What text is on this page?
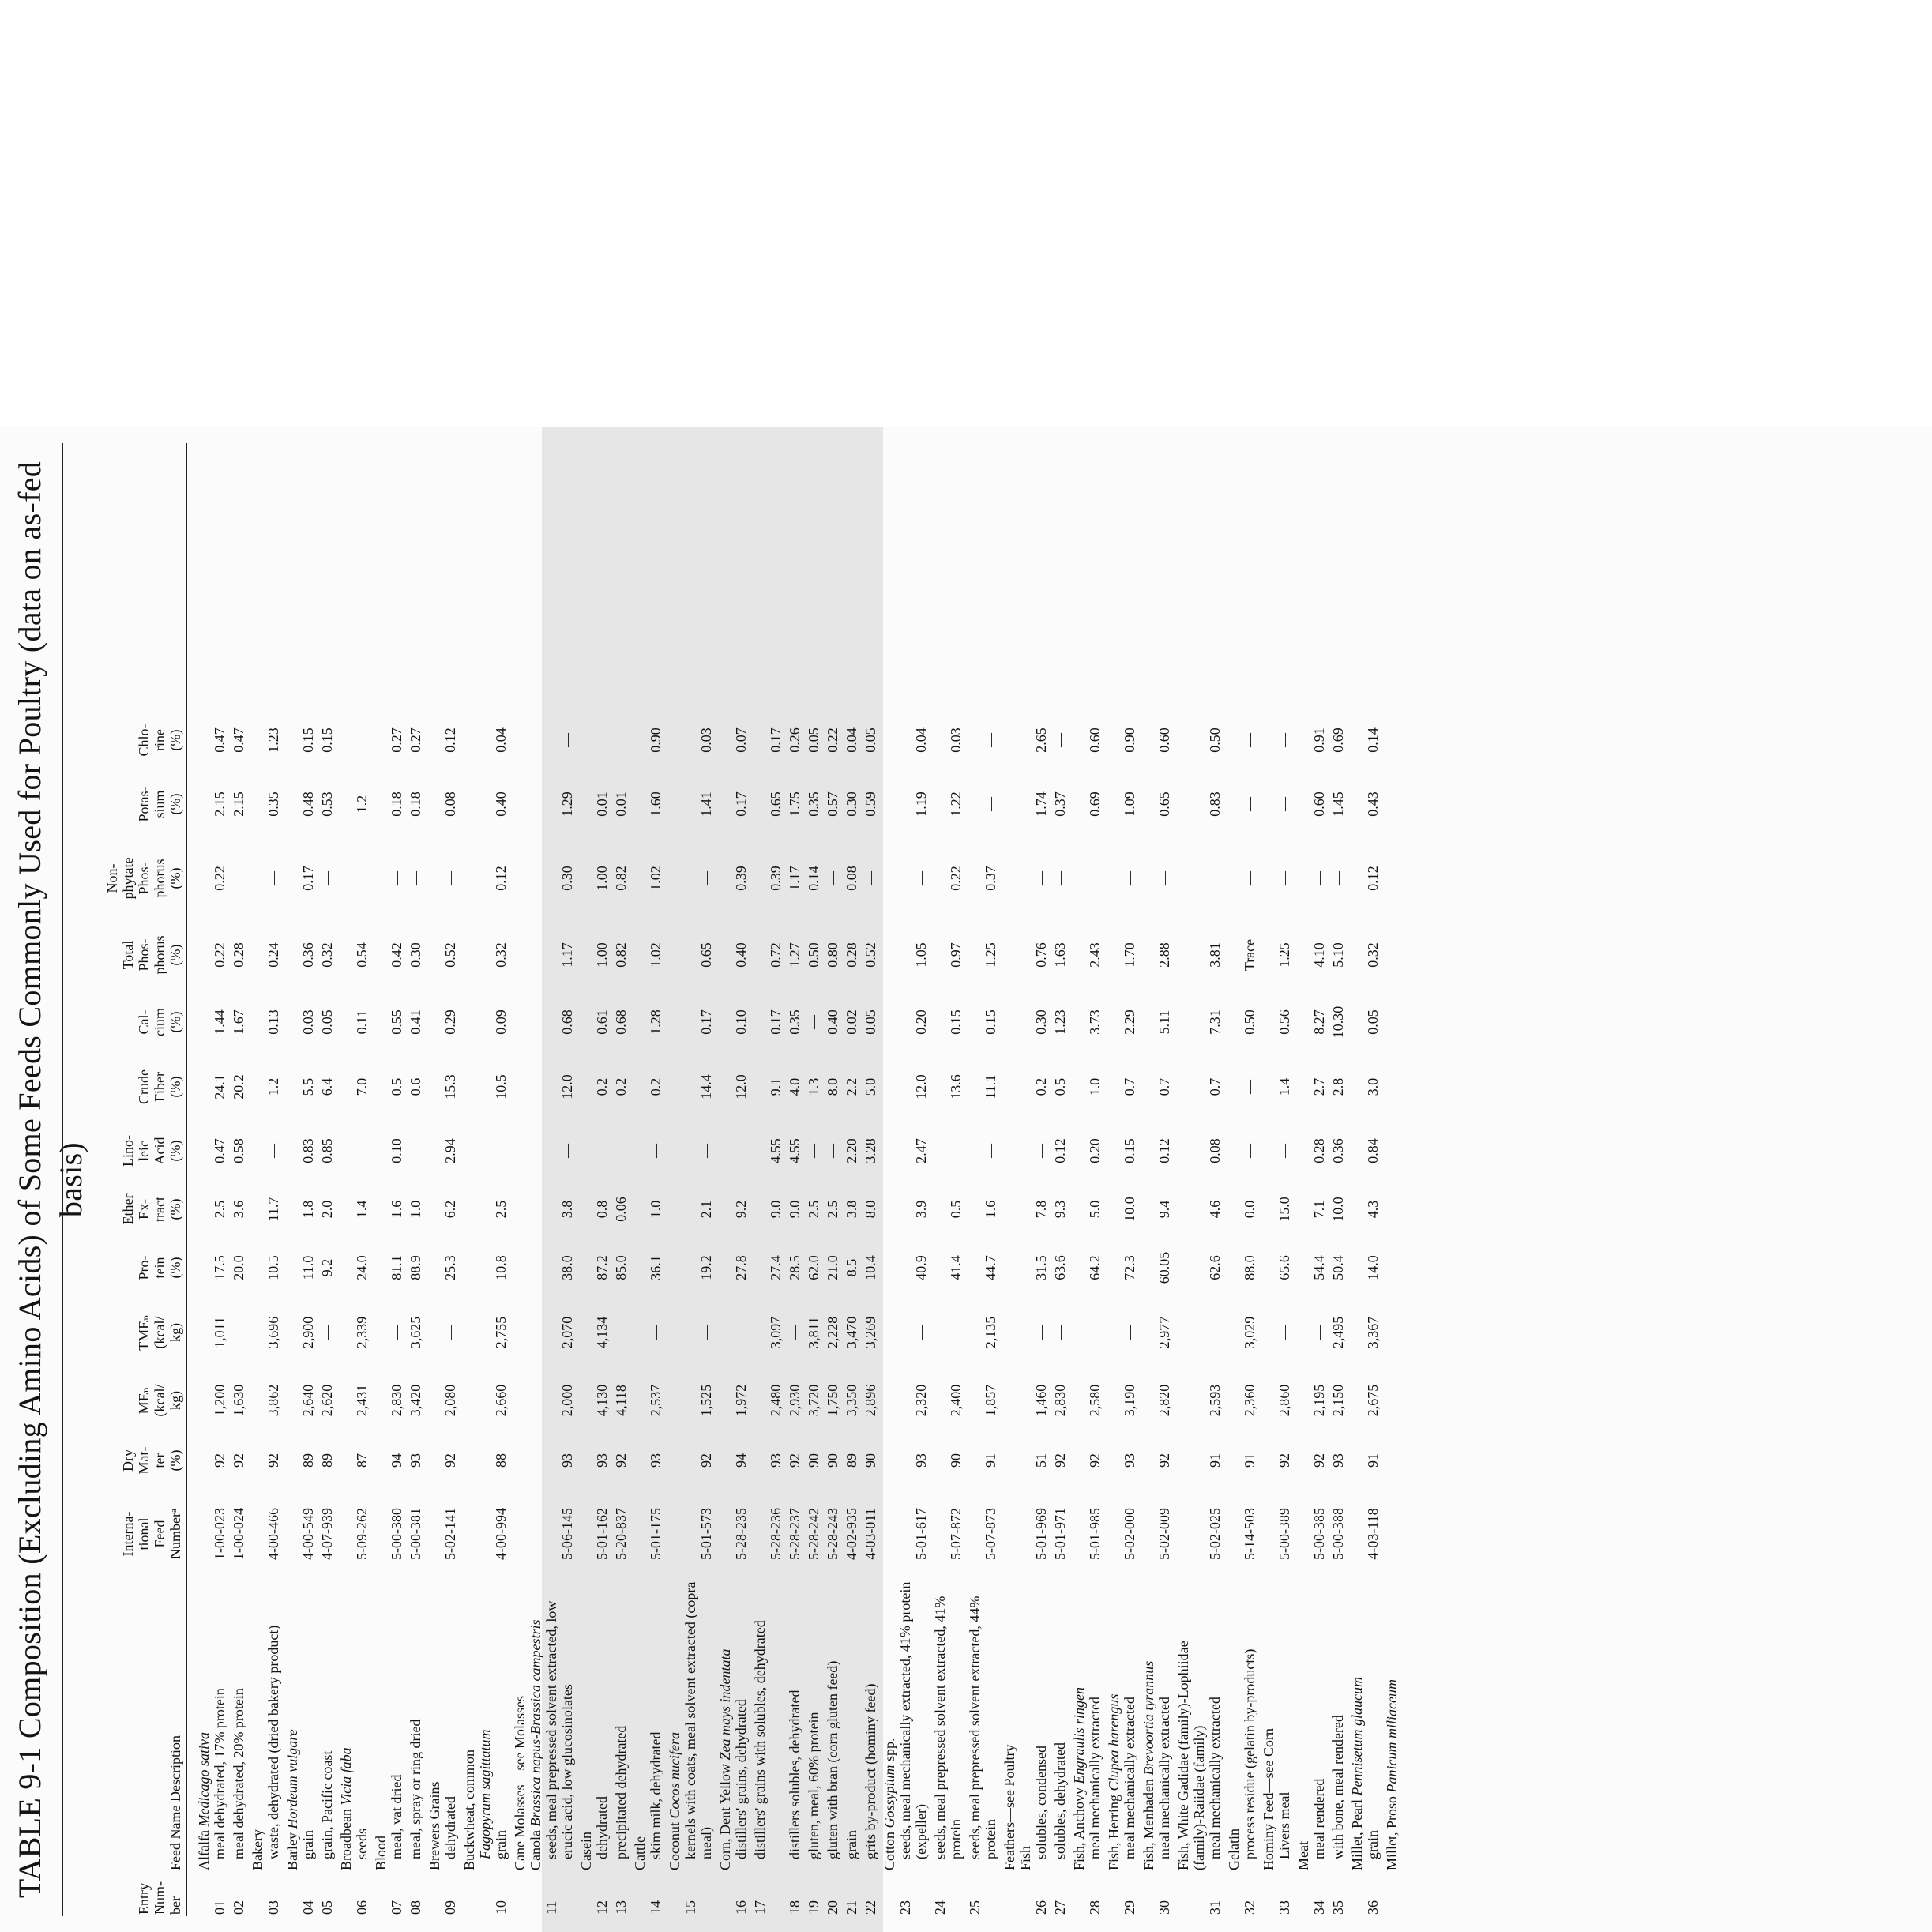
TABLE 9-1 Composition (Excluding Amino Acids) of Some Feeds Commonly Used for Poultry (data on as-fed basis)
Entry
Num-
ber
Feed Name Description
Interna-
tional
Feed
Numberᵃ
Dry
Mat-
ter
(%)
MEₙ
(kcal/
kg)
TMEₙ
(kcal/
kg)
Pro-
tein
(%)
Ether
Ex-
tract
(%)
Lino-
leic
Acid
(%)
Crude
Fiber
(%)
Cal-
cium
(%)
Total
Phos-
phorus
(%)
Non-
phytate
Phos-
phorus
(%)
Potas-
sium
(%)
Chlo-
rine
(%)
Alfalfa Medicago sativa meal dehydrated, 17% protein
01
1-00-023
92
1,200
1,011
17.5
2.5
0.47
24.1
1.44
0.22
0.22
2.15
0.47
meal dehydrated, 20% protein
02
1-00-024
92
1,630
20.0
3.6
0.58
20.2
1.67
0.28
2.15
0.47
Bakery waste, dehydrated (dried bakery product)
03
4-00-466
92
3,862
3,696
10.5
11.7
—
1.2
0.13
0.24
—
0.35
1.23
Barley Hordeum vulgare
grain
04
4-00-549
89
2,640
2,900
11.0
1.8
0.83
5.5
0.03
0.36
0.17
0.48
0.15
grain, Pacific coast
05
4-07-939
89
2,620
—
9.2
2.0
0.85
6.4
0.05
0.32
—
0.53
0.15
Broadbean Vicia faba
seeds
06
5-09-262
87
2,431
2,339
24.0
1.4
—
7.0
0.11
0.54
—
1.2
—
Blood meal, vat dried
07
5-00-380
94
2,830
—
81.1
1.6
0.10
0.5
0.55
0.42
—
0.18
0.27
meal, spray or ring dried
08
5-00-381
93
3,420
3,625
88.9
1.0
0.6
0.41
0.30
—
0.18
0.27
Brewers Grains dehydrated
09
5-02-141
92
2,080
—
25.3
6.2
2.94
15.3
0.29
0.52
—
0.08
0.12
Buckwheat, common Fagopyrum sagittatum grain
10
4-00-994
88
2,660
2,755
10.8
2.5
—
10.5
0.09
0.32
0.12
0.40
0.04
Cane Molasses—see Molasses Canola Brassica napus-Brassica campestris seeds, meal prepressed solvent extracted, low erucic acid, low glucosinolates
11
5-06-145
93
2,000
2,070
38.0
3.8
—
12.0
0.68
1.17
0.30
1.29
—
Casein dehydrated
12
5-01-162
93
4,130
4,134
87.2
0.8
—
0.2
0.61
1.00
1.00
0.01
—
precipitated dehydrated
13
5-20-837
92
4,118
—
85.0
0.06
—
0.2
0.68
0.82
0.82
0.01
—
Cattle skim milk, dehydrated
14
5-01-175
93
2,537
—
36.1
1.0
—
0.2
1.28
1.02
1.02
1.60
0.90
Coconut Cocos nucifera kernels with coats, meal solvent extracted (copra meal)
15
5-01-573
92
1,525
—
19.2
2.1
—
14.4
0.17
0.65
—
1.41
0.03
Corn, Dent Yellow Zea mays indentata distillers' grains, dehydrated
16
5-28-235
94
1,972
—
27.8
9.2
—
12.0
0.10
0.40
0.39
0.17
0.07
distillers' grains with solubles, dehydrated
17
5-28-236
93
2,480
3,097
27.4
9.0
4.55
9.1
0.17
0.72
0.39
0.65
0.17
distillers solubles, dehydrated
18
5-28-237
92
2,930
—
28.5
9.0
4.55
4.0
0.35
1.27
1.17
1.75
0.26
gluten, meal, 60% protein
19
5-28-242
90
3,720
3,811
62.0
2.5
—
1.3
—
0.50
0.14
0.35
0.05
gluten with bran (corn gluten feed)
20
5-28-243
90
1,750
2,228
21.0
2.5
—
8.0
0.40
0.80
—
0.57
0.22
grain
21
4-02-935
89
3,350
3,470
8.5
3.8
2.20
2.2
0.02
0.28
0.08
0.30
0.04
grits by-product (hominy feed)
22
4-03-011
90
2,896
3,269
10.4
8.0
3.28
5.0
0.05
0.52
—
0.59
0.05
Cotton Gossypium spp. seeds, meal mechanically extracted, 41% protein (expeller)
23
5-01-617
93
2,320
—
40.9
3.9
2.47
12.0
0.20
1.05
—
1.19
0.04
seeds, meal prepressed solvent extracted, 41% protein
24
5-07-872
90
2,400
—
41.4
0.5
—
13.6
0.15
0.97
0.22
1.22
0.03
seeds, meal prepressed solvent extracted, 44% protein
25
5-07-873
91
1,857
2,135
44.7
1.6
—
11.1
0.15
1.25
0.37
—
—
Feathers—see Poultry Fish solubles, condensed
26
5-01-969
51
1,460
—
31.5
7.8
—
0.2
0.30
0.76
—
1.74
2.65
solubles, dehydrated
27
5-01-971
92
2,830
—
63.6
9.3
0.12
0.5
1.23
1.63
—
0.37
—
Fish, Anchovy Engraulis ringen meal mechanically extracted
28
5-01-985
92
2,580
—
64.2
5.0
0.20
1.0
3.73
2.43
—
0.69
0.60
Fish, Herring Clupea harengus meal mechanically extracted
29
5-02-000
93
3,190
—
72.3
10.0
0.15
0.7
2.29
1.70
—
1.09
0.90
Fish, Menhaden Brevoortia tyrannus meal mechanically extracted
30
5-02-009
92
2,820
2,977
60.05
9.4
0.12
0.7
5.11
2.88
—
0.65
0.60
Fish, White Gadidae (family)-Lophiidae (family)-Raiidae (family) meal mechanically extracted
31
5-02-025
91
2,593
—
62.6
4.6
0.08
0.7
7.31
3.81
—
0.83
0.50
Gelatin process residue (gelatin by-products)
32
5-14-503
91
2,360
3,029
88.0
0.0
—
—
0.50
Trace
—
—
—
Hominy Feed—see Corn Livers meal
33
5-00-389
92
2,860
—
65.6
15.0
—
1.4
0.56
1.25
—
—
—
Meat meal rendered
34
5-00-385
92
2,195
—
54.4
7.1
0.28
2.7
8.27
4.10
—
0.60
0.91
with bone, meal rendered
35
5-00-388
93
2,150
2,495
50.4
10.0
0.36
2.8
10.30
5.10
—
1.45
0.69
Millet, Pearl Pennisetum glaucum
grain
36
4-03-118
91
2,675
3,367
14.0
4.3
0.84
3.0
0.05
0.32
0.12
0.43
0.14
Millet, Proso Panicum miliaceum
